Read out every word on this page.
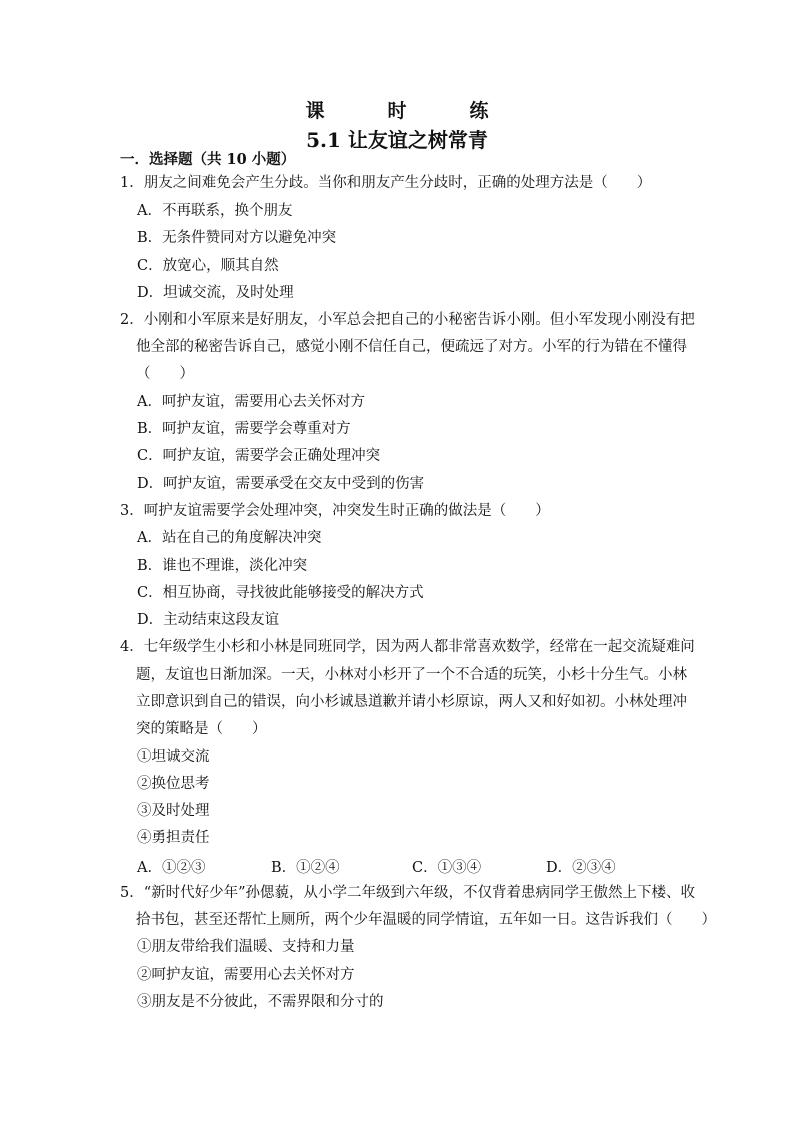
课　时　练
5.1 让友谊之树常青
一．选择题（共 10 小题）
1．朋友之间难免会产生分歧。当你和朋友产生分歧时，正确的处理方法是（　　）
A．不再联系，换个朋友
B．无条件赞同对方以避免冲突
C．放宽心，顺其自然
D．坦诚交流，及时处理
2．小刚和小军原来是好朋友，小军总会把自己的小秘密告诉小刚。但小军发现小刚没有把
他全部的秘密告诉自己，感觉小刚不信任自己，便疏远了对方。小军的行为错在不懂得
（　　）
A．呵护友谊，需要用心去关怀对方
B．呵护友谊，需要学会尊重对方
C．呵护友谊，需要学会正确处理冲突
D．呵护友谊，需要承受在交友中受到的伤害
3．呵护友谊需要学会处理冲突，冲突发生时正确的做法是（　　）
A．站在自己的角度解决冲突
B．谁也不理谁，淡化冲突
C．相互协商，寻找彼此能够接受的解决方式
D．主动结束这段友谊
4．七年级学生小杉和小林是同班同学，因为两人都非常喜欢数学，经常在一起交流疑难问
题，友谊也日渐加深。一天，小林对小杉开了一个不合适的玩笑，小杉十分生气。小林
立即意识到自己的错误，向小杉诚恳道歉并请小杉原谅，两人又和好如初。小林处理冲
突的策略是（　　）
①坦诚交流
②换位思考
③及时处理
④勇担责任
A．①②③	B．①②④	C．①③④	D．②③④
5．“新时代好少年”孙偲藐，从小学二年级到六年级，不仅背着患病同学王傲然上下楼、收
拾书包，甚至还帮忙上厕所，两个少年温暖的同学情谊，五年如一日。这告诉我们（　　）
①朋友带给我们温暖、支持和力量
②呵护友谊，需要用心去关怀对方
③朋友是不分彼此，不需界限和分寸的
